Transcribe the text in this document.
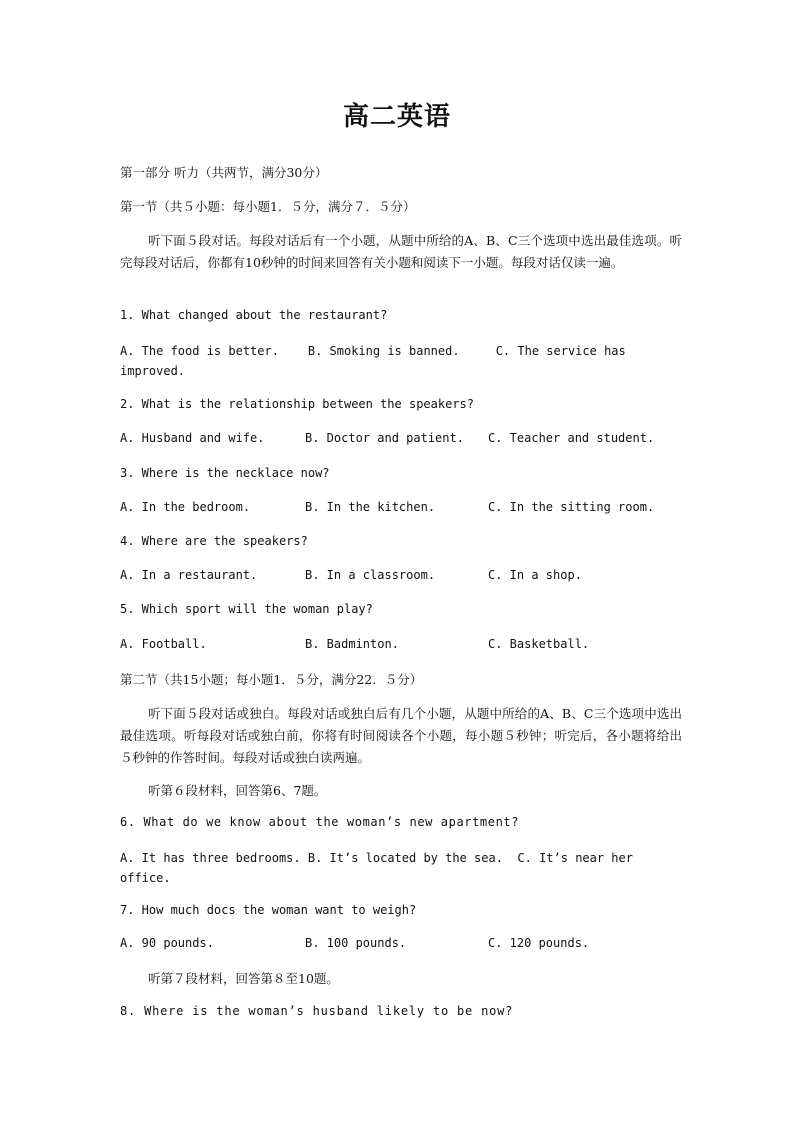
高二英语
第一部分 听力（共两节，满分30分）
第一节（共５小题：每小题1．５分，满分７．５分）
听下面５段对话。每段对话后有一个小题，从题中所给的A、B、C三个选项中选出最佳选项。听完每段对话后，你都有10秒钟的时间来回答有关小题和阅读下一小题。每段对话仅读一遍。
1. What changed about the restaurant?
A. The food is better. B. Smoking is banned.	C. The service has improved.
2. What is the relationship between the speakers?
A. Husband and wife.	B. Doctor and patient. C. Teacher and student.
3. Where is the necklace now?
A. In the bedroom.	B. In the kitchen.	C. In the sitting room.
4. Where are the speakers?
A. In a restaurant.	B. In a classroom.	C. In a shop.
5. Which sport will the woman play?
A. Football.	B. Badminton.	C. Basketball.
第二节（共15小题；每小题1．５分，满分22．５分）
听下面５段对话或独白。每段对话或独白后有几个小题，从题中所给的A、B、C三个选项中选出最佳选项。听每段对话或独白前，你将有时间阅读各个小题，每小题５秒钟；听完后，各小题将给出５秒钟的作答时间。每段对话或独白读两遍。
听第６段材料，回答第6、7题。
6. What do we know about the woman’s new apartment?
A. It has three bedrooms. B. It’s located by the sea. C. It’s near her office.
7. How much docs the woman want to weigh?
A. 90 pounds.	B. 100 pounds.	C. 120 pounds.
听第７段材料，回答第８至10题。
8. Where is the woman’s husband likely to be now?
